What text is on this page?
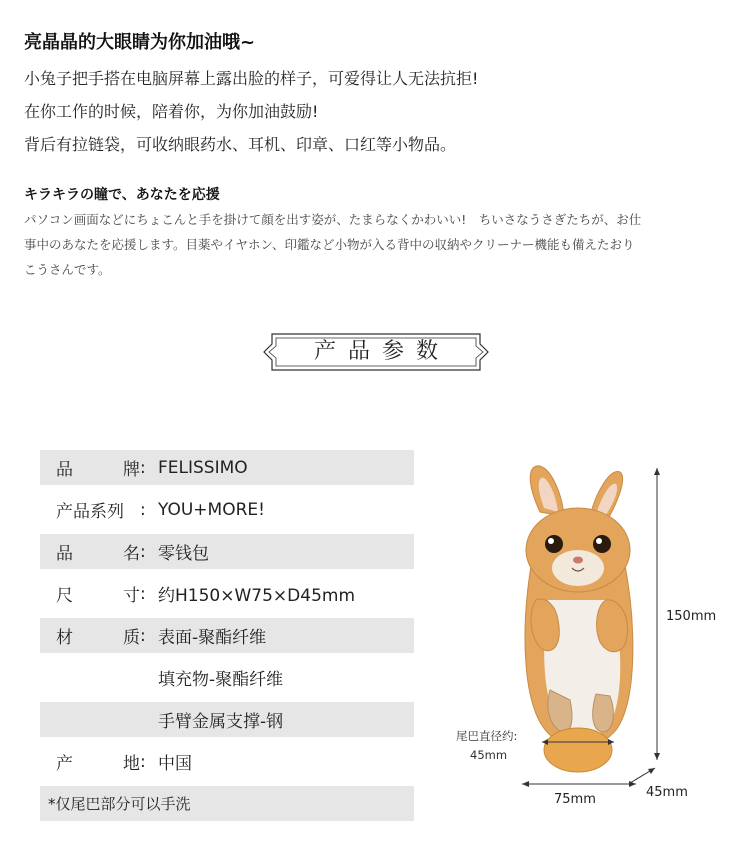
亮晶晶的大眼睛为你加油哦~
小兔子把手搭在电脑屏幕上露出脸的样子，可爱得让人无法抗拒!
在你工作的时候，陪着你，为你加油鼓励!
背后有拉链袋，可收纳眼药水、耳机、印章、口红等小物品。
キラキラの瞳で、あなたを応援
パソコン画面などにちょこんと手を掛けて顔を出す姿が、たまらなくかわいい!　ちいさなうさぎたちが、お仕事中のあなたを応援します。目薬やイヤホン、印鑑など小物が入る背中の収納やクリーナー機能も備えたおりこうさんです。
产品参数
品	牌 : FELISSIMO
产品系列 : YOU+MORE!
品	名 : 零钱包
尺	寸 : 约H150×W75×D45mm
材	质 : 表面-聚酯纤维
填充物-聚酯纤维
手臂金属支撑-钢
产	地 : 中国
*仅尾巴部分可以手洗
150mm
75mm	45mm
尾巴直径约:
45mm
